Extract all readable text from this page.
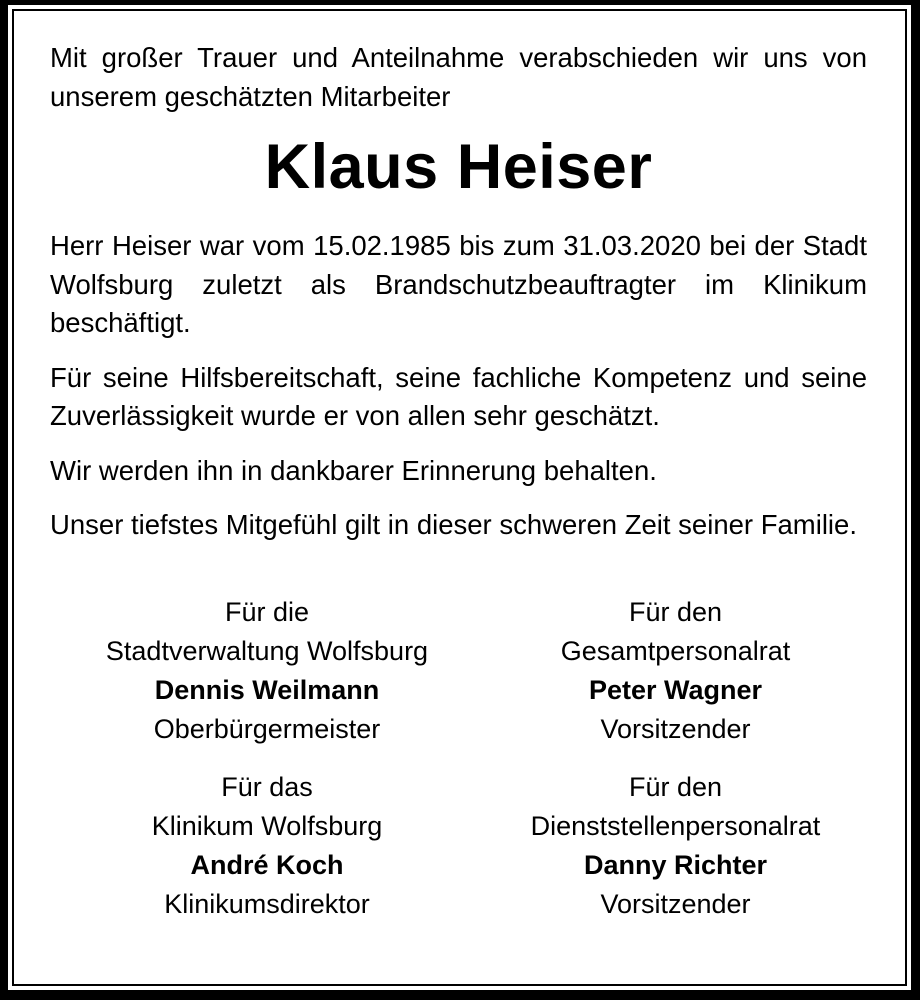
Mit großer Trauer und Anteilnahme verabschieden wir uns von unserem geschätzten Mitarbeiter

Klaus Heiser

Herr Heiser war vom 15.02.1985 bis zum 31.03.2020 bei der Stadt Wolfsburg zuletzt als Brandschutzbeauftragter im Klinikum beschäftigt.

Für seine Hilfsbereitschaft, seine fachliche Kompetenz und seine Zuverlässigkeit wurde er von allen sehr geschätzt.

Wir werden ihn in dankbarer Erinnerung behalten.

Unser tiefstes Mitgefühl gilt in dieser schweren Zeit seiner Familie.

Für die
Stadtverwaltung Wolfsburg
Dennis Weilmann
Oberbürgermeister
Für den
Gesamtpersonalrat
Peter Wagner
Vorsitzender
Für das
Klinikum Wolfsburg
André Koch
Klinikumsdirektor
Für den
Dienststellenpersonalrat
Danny Richter
Vorsitzender
